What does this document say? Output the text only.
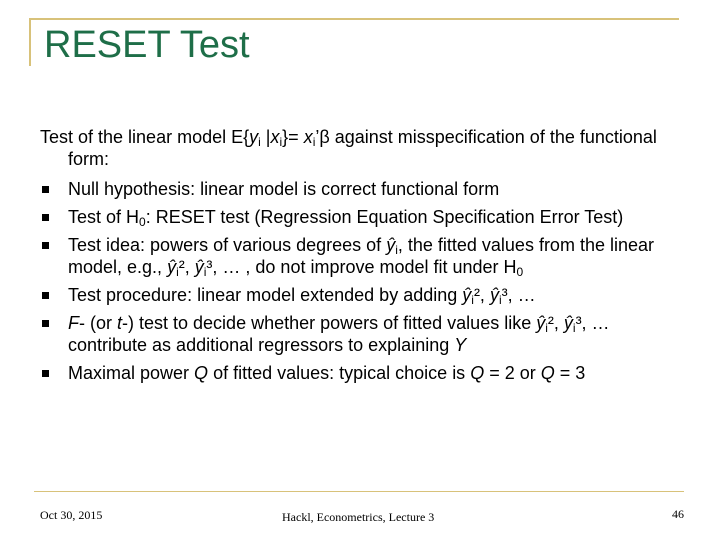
RESET Test
Test of the linear model $E\{y_i$ $|x_i\}=$ $x_i’\beta$ against misspecification of the functional form:
Null hypothesis: linear model is correct functional form
Test of $H_0$: RESET test (Regression Equation Specification Error Test)
Test idea: powers of various degrees of $ŷ_i$, the fitted values from the linear model, e.g., $ŷ_i^2$, $ŷ_i^3$, … , do not improve model fit under $H_0$
Test procedure: linear model extended by adding $ŷ_i^2$, $ŷ_i^3$, …
F- (or t-) test to decide whether powers of fitted values like $ŷ_i^2$, $ŷ_i^3$, … contribute as additional regressors to explaining Y
Maximal power Q of fitted values: typical choice is Q = 2 or Q = 3
Oct 30, 2015	Hackl, Econometrics, Lecture 3	46
